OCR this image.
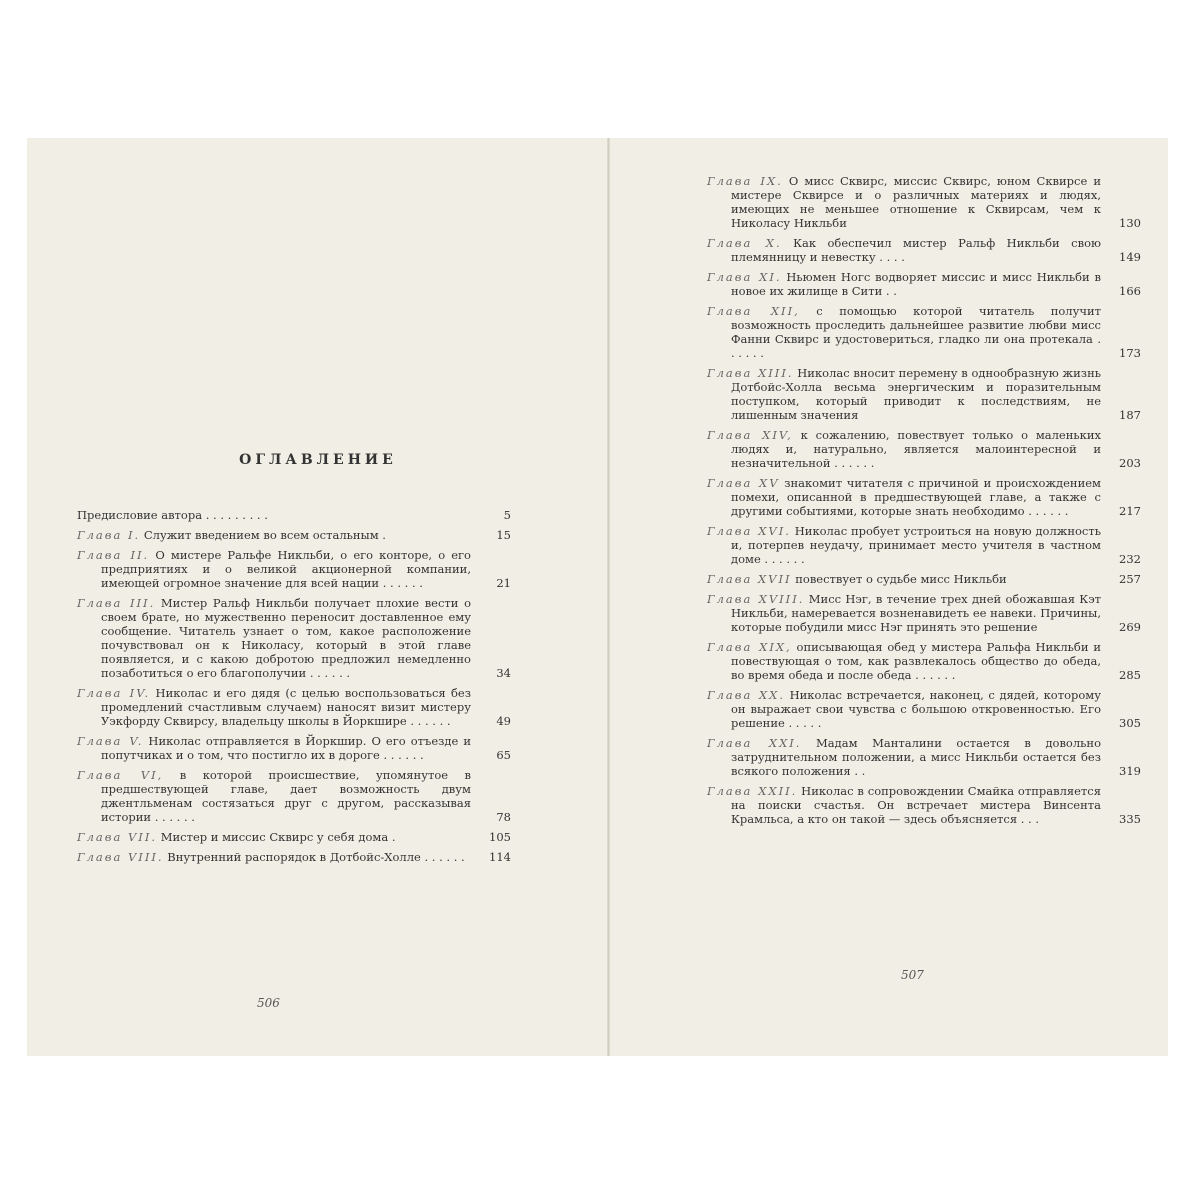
ОГЛАВЛЕНИЕ
Предисловие автора . . . . . . . . .	5
Глава I. Служит введением во всем остальным .	15
Глава II. О мистере Ральфе Никльби, о его конторе, о его предприятиях и о великой акционерной компании, имеющей огромное значение для всей нации . . . . . .	21
Глава III. Мистер Ральф Никльби получает плохие вести о своем брате, но мужественно переносит доставленное ему сообщение. Читатель узнает о том, какое расположение почувствовал он к Николасу, который в этой главе появляется, и с какою добротою предложил немедленно позаботиться о его благополучии . . . . . .	34
Глава IV. Николас и его дядя (с целью воспользоваться без промедлений счастливым случаем) наносят визит мистеру Уэкфорду Сквирсу, владельцу школы в Йоркшире . . . . . .	49
Глава V. Николас отправляется в Йоркшир. О его отъезде и попутчиках и о том, что постигло их в дороге . . . . . .	65
Глава VI, в которой происшествие, упомянутое в предшествующей главе, дает возможность двум джентльменам состязаться друг с другом, рассказывая истории . . . . . .	78
Глава VII. Мистер и миссис Сквирс у себя дома .	105
Глава VIII. Внутренний распорядок в Дотбойс-Холле . . . . . .	114
506
Глава IX. О мисс Сквирс, миссис Сквирс, юном Сквирсе и мистере Сквирсе и о различных материях и людях, имеющих не меньшее отношение к Сквирсам, чем к Николасу Никльби	130
Глава X. Как обеспечил мистер Ральф Никльби свою племянницу и невестку . . . .	149
Глава XI. Ньюмен Ногс водворяет миссис и мисс Никльби в новое их жилище в Сити . .	166
Глава XII, с помощью которой читатель получит возможность проследить дальнейшее развитие любви мисс Фанни Сквирс и удостовериться, гладко ли она протекала . . . . . .	173
Глава XIII. Николас вносит перемену в однообразную жизнь Дотбойс-Холла весьма энергическим и поразительным поступком, который приводит к последствиям, не лишенным значения	187
Глава XIV, к сожалению, повествует только о маленьких людях и, натурально, является малоинтересной и незначительной . . . . . .	203
Глава XV знакомит читателя с причиной и происхождением помехи, описанной в предшествующей главе, а также с другими событиями, которые знать необходимо . . . . . .	217
Глава XVI. Николас пробует устроиться на новую должность и, потерпев неудачу, принимает место учителя в частном доме . . . . . .	232
Глава XVII повествует о судьбе мисс Никльби	257
Глава XVIII. Мисс Нэг, в течение трех дней обожавшая Кэт Никльби, намеревается возненавидеть ее навеки. Причины, которые побудили мисс Нэг принять это решение	269
Глава XIX, описывающая обед у мистера Ральфа Никльби и повествующая о том, как развлекалось общество до обеда, во время обеда и после обеда . . . . . .	285
Глава XX. Николас встречается, наконец, с дядей, которому он выражает свои чувства с большою откровенностью. Его решение . . . . .	305
Глава XXI. Мадам Манталини остается в довольно затруднительном положении, а мисс Никльби остается без всякого положения . .	319
Глава XXII. Николас в сопровождении Смайка отправляется на поиски счастья. Он встречает мистера Винсента Крамльса, а кто он такой — здесь объясняется . . .	335
507
